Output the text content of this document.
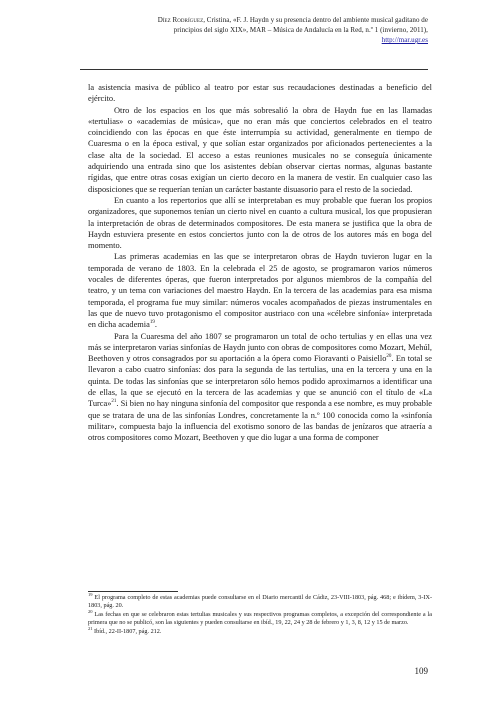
Díez Rodríguez, Cristina, «F. J. Haydn y su presencia dentro del ambiente musical gaditano de
principios del siglo XIX», MAR – Música de Andalucía en la Red, n.º 1 (invierno, 2011),
http://mar.ugr.es

la asistencia masiva de público al teatro por estar sus recaudaciones destinadas a beneficio del ejército.

Otro de los espacios en los que más sobresalió la obra de Haydn fue en las llamadas «tertulias» o «academias de música», que no eran más que conciertos celebrados en el teatro coincidiendo con las épocas en que éste interrumpía su actividad, generalmente en tiempo de Cuaresma o en la época estival, y que solían estar organizados por aficionados pertenecientes a la clase alta de la sociedad. El acceso a estas reuniones musicales no se conseguía únicamente adquiriendo una entrada sino que los asistentes debían observar ciertas normas, algunas bastante rígidas, que entre otras cosas exigían un cierto decoro en la manera de vestir. En cualquier caso las disposiciones que se requerían tenían un carácter bastante disuasorio para el resto de la sociedad.

En cuanto a los repertorios que allí se interpretaban es muy probable que fueran los propios organizadores, que suponemos tenían un cierto nivel en cuanto a cultura musical, los que propusieran la interpretación de obras de determinados compositores. De esta manera se justifica que la obra de Haydn estuviera presente en estos conciertos junto con la de otros de los autores más en boga del momento.

Las primeras academias en las que se interpretaron obras de Haydn tuvieron lugar en la temporada de verano de 1803. En la celebrada el 25 de agosto, se programaron varios números vocales de diferentes óperas, que fueron interpretados por algunos miembros de la compañía del teatro, y un tema con variaciones del maestro Haydn. En la tercera de las academias para esa misma temporada, el programa fue muy similar: números vocales acompañados de piezas instrumentales en las que de nuevo tuvo protagonismo el compositor austriaco con una «célebre sinfonía» interpretada en dicha academia$^{19}$.

Para la Cuaresma del año 1807 se programaron un total de ocho tertulias y en ellas una vez más se interpretaron varias sinfonías de Haydn junto con obras de compositores como Mozart, Mehúl, Beethoven y otros consagrados por su aportación a la ópera como Fioravanti o Paisiello$^{20}$. En total se llevaron a cabo cuatro sinfonías: dos para la segunda de las tertulias, una en la tercera y una en la quinta. De todas las sinfonías que se interpretaron sólo hemos podido aproximarnos a identificar una de ellas, la que se ejecutó en la tercera de las academias y que se anunció con el título de «La Turca»$^{21}$. Si bien no hay ninguna sinfonía del compositor que responda a ese nombre, es muy probable que se tratara de una de las sinfonías Londres, concretamente la n.º 100 conocida como la «sinfonía militar», compuesta bajo la influencia del exotismo sonoro de las bandas de jenízaros que atraería a otros compositores como Mozart, Beethoven y que dio lugar a una forma de componer

$^{19}$ El programa completo de estas academias puede consultarse en el Diario mercantil de Cádiz, 23-VIII-1803, pág. 468; e ibídem, 3-IX-1803, pág. 20.

$^{20}$ Las fechas en que se celebraron estas tertulias musicales y sus respectivos programas completos, a excepción del correspondiente a la primera que no se publicó, son las siguientes y pueden consultarse en ibíd., 19, 22, 24 y 28 de febrero y 1, 3, 8, 12 y 15 de marzo.

$^{21}$ Ibíd., 22-II-1807, pág. 212.

109
